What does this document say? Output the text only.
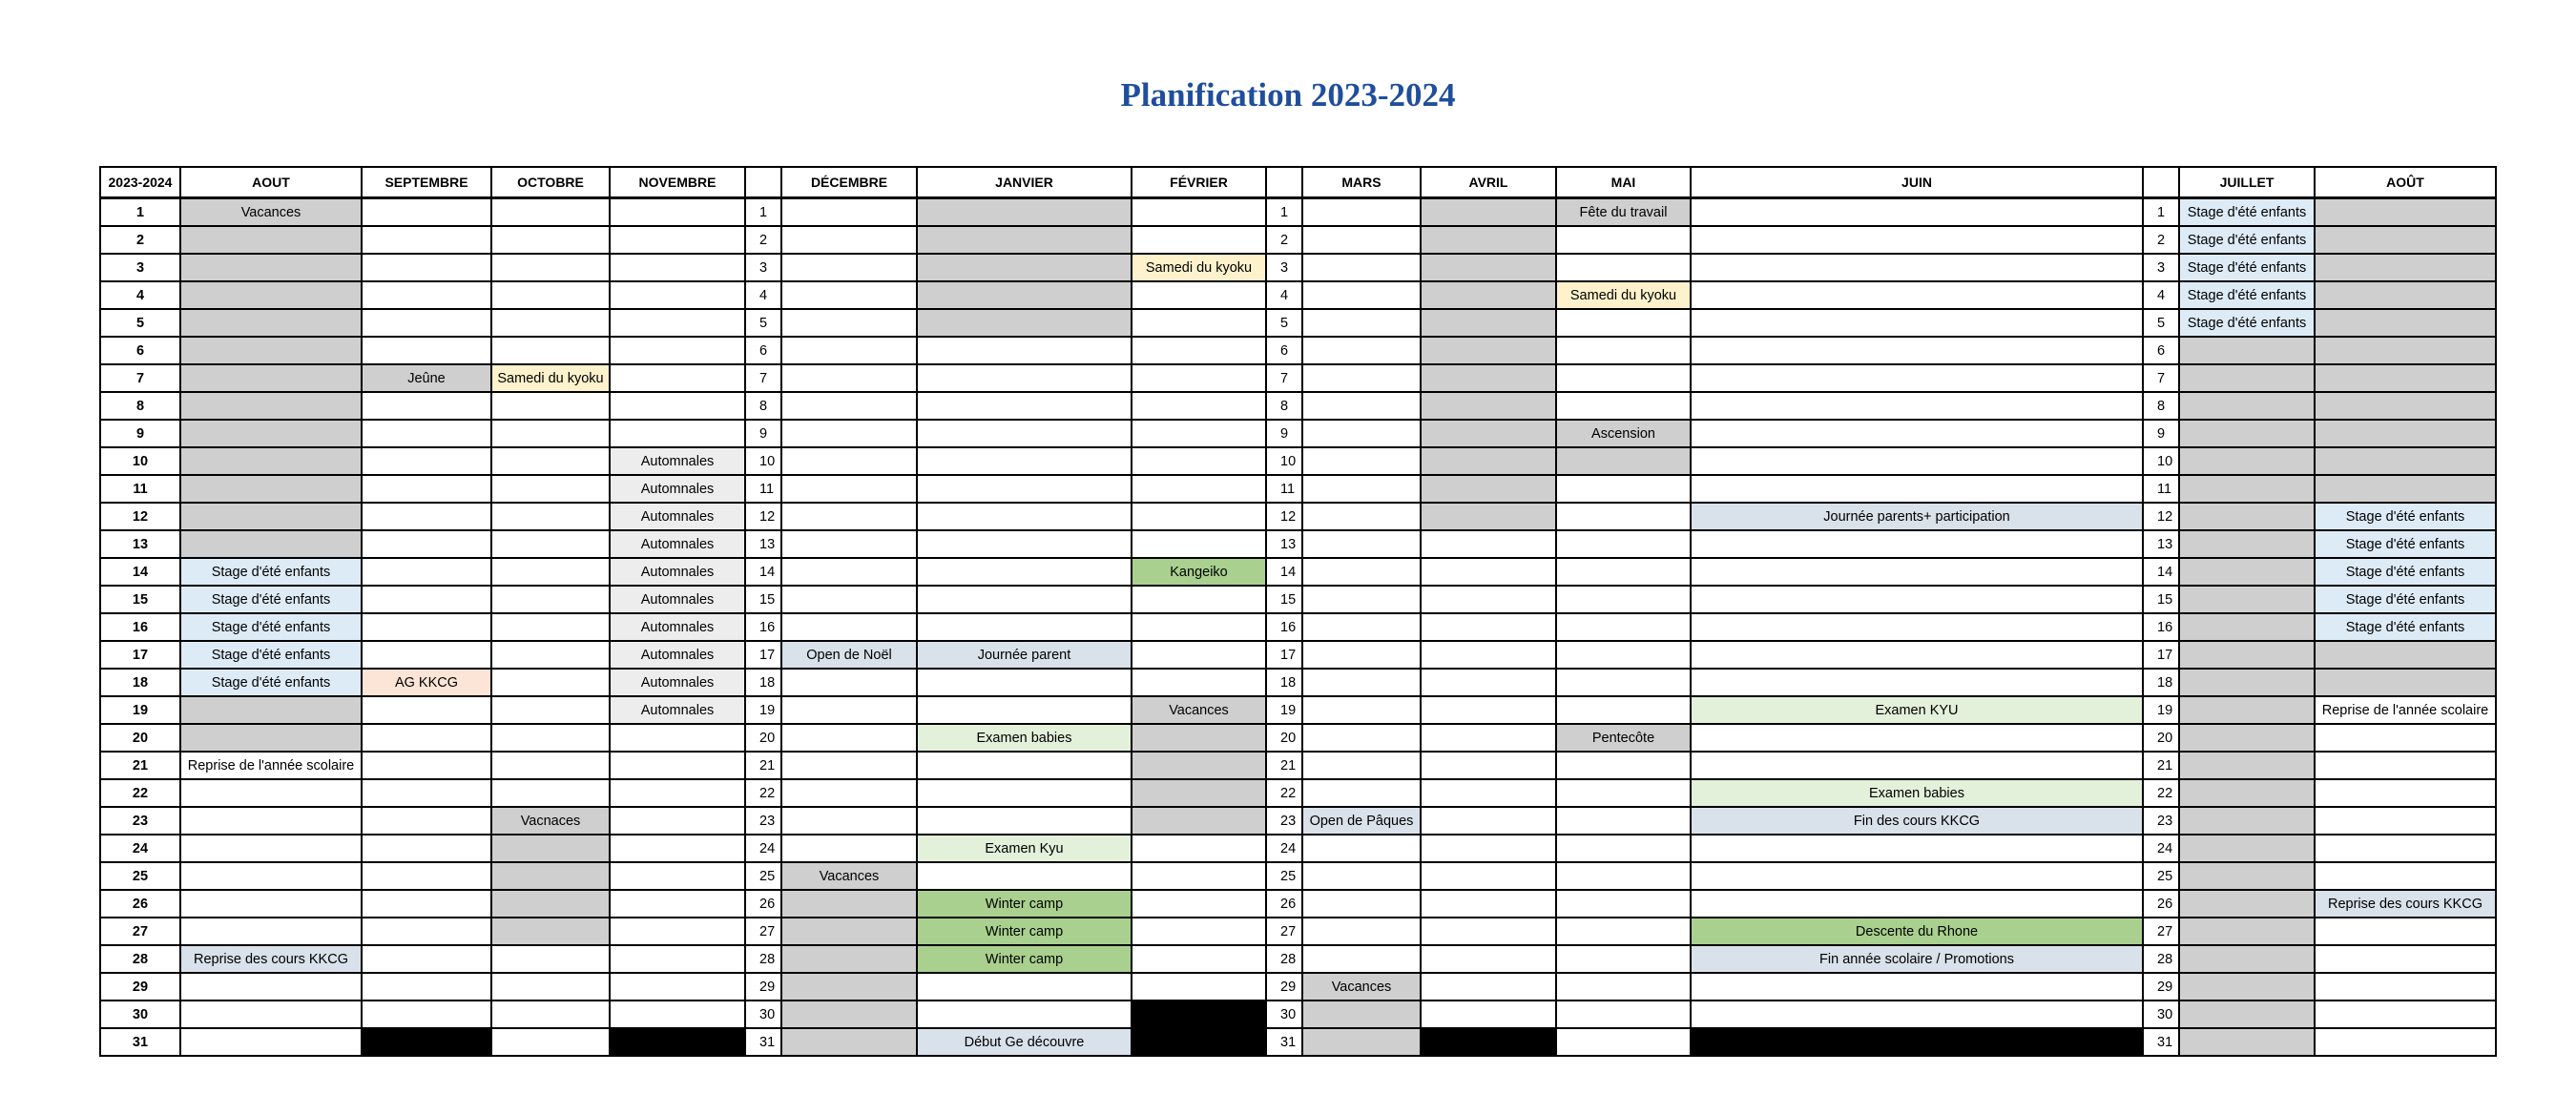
Planification 2023-2024
2023-2024	AOUT	SEPTEMBRE	OCTOBRE	NOVEMBRE		DÉCEMBRE	JANVIER	FÉVRIER		MARS	AVRIL	MAI	JUIN		JUILLET	AOÛT
1	Vacances				1				1			Fête du travail		1	Stage d'été enfants	
2					2				2					2	Stage d'été enfants	
3					3			Samedi du kyoku	3					3	Stage d'été enfants	
4					4				4			Samedi du kyoku		4	Stage d'été enfants	
5					5				5					5	Stage d'été enfants	
6					6				6					6		
7		Jeûne	Samedi du kyoku		7				7					7		
8					8				8					8		
9					9				9			Ascension		9		
10				Automnales	10				10					10		
11				Automnales	11				11					11		
12				Automnales	12				12				Journée parents+ participation	12		Stage d'été enfants
13				Automnales	13				13					13		Stage d'été enfants
14	Stage d'été enfants			Automnales	14			Kangeiko	14					14		Stage d'été enfants
15	Stage d'été enfants			Automnales	15				15					15		Stage d'été enfants
16	Stage d'été enfants			Automnales	16				16					16		Stage d'été enfants
17	Stage d'été enfants			Automnales	17	Open de Noël	Journée parent		17					17		
18	Stage d'été enfants	AG KKCG		Automnales	18				18					18		
19				Automnales	19			Vacances	19				Examen KYU	19		Reprise de l'année scolaire
20					20		Examen babies		20			Pentecôte		20		
21	Reprise de l'année scolaire				21				21					21		
22					22				22				Examen babies	22		
23			Vacnaces		23				23	Open de Pâques			Fin des cours KKCG	23		
24					24		Examen Kyu		24					24		
25					25	Vacances			25					25		
26					26		Winter camp		26					26		Reprise des cours KKCG
27					27		Winter camp		27				Descente du Rhone	27		
28	Reprise des cours KKCG				28		Winter camp		28				Fin année scolaire / Promotions	28		
29					29				29	Vacances				29		
30					30				30					30		
31					31		Début Ge découvre		31					31		
